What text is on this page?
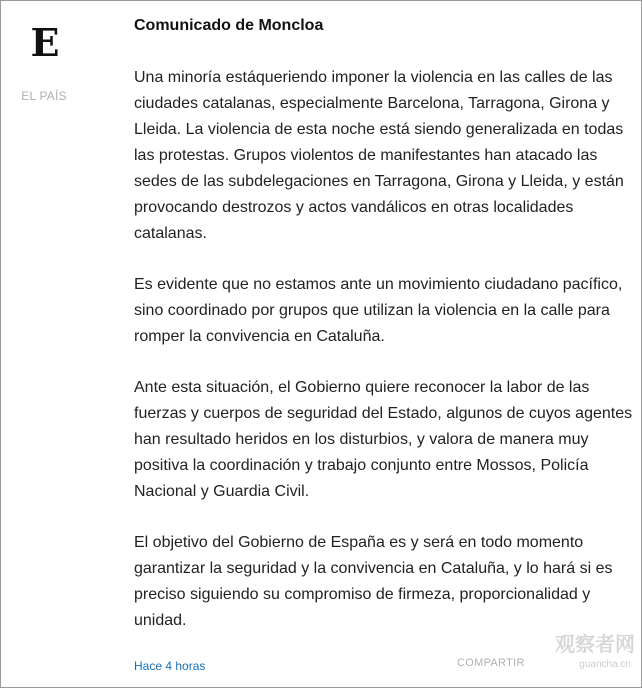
E
EL PAÍS
Comunicado de Moncloa

Una minoría estáqueriendo imponer la violencia en las calles de las ciudades catalanas, especialmente Barcelona, Tarragona, Girona y Lleida. La violencia de esta noche está siendo generalizada en todas las protestas. Grupos violentos de manifestantes han atacado las sedes de las subdelegaciones en Tarragona, Girona y Lleida, y están provocando destrozos y actos vandálicos en otras localidades catalanas.

Es evidente que no estamos ante un movimiento ciudadano pacífico, sino coordinado por grupos que utilizan la violencia en la calle para romper la convivencia en Cataluña.

Ante esta situación, el Gobierno quiere reconocer la labor de las fuerzas y cuerpos de seguridad del Estado, algunos de cuyos agentes han resultado heridos en los disturbios, y valora de manera muy positiva la coordinación y trabajo conjunto entre Mossos, Policía Nacional y Guardia Civil.

El objetivo del Gobierno de España es y será en todo momento garantizar la seguridad y la convivencia en Cataluña, y lo hará si es preciso siguiendo su compromiso de firmeza, proporcionalidad y unidad.

Hace 4 horas	COMPARTIR
观察者网
guancha.cn
